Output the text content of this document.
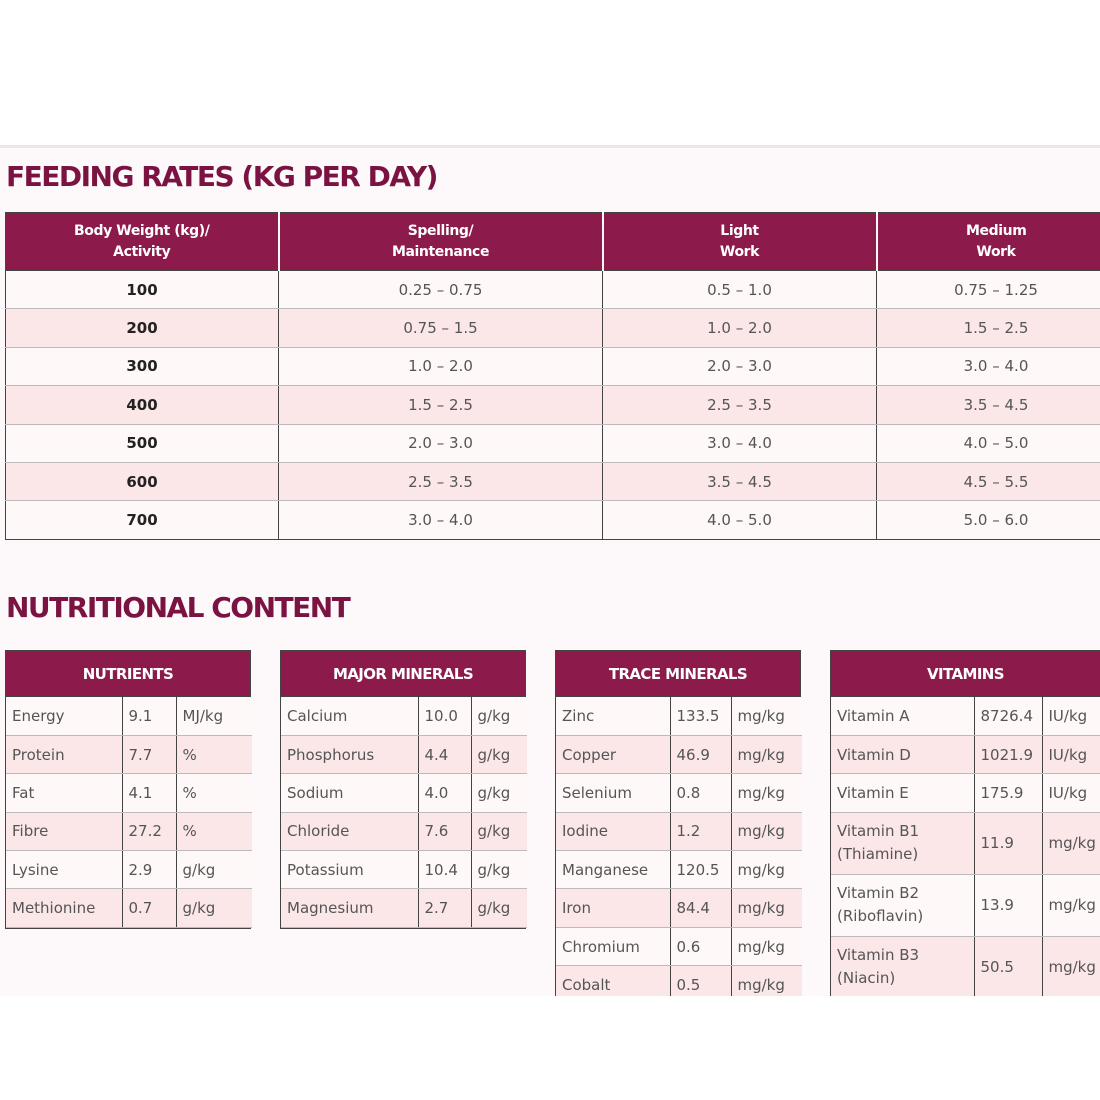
FEEDING RATES (KG PER DAY)
Body Weight (kg)/ Activity	Spelling/ Maintenance	Light Work	Medium Work

100	0.25 – 0.75	0.5 – 1.0	0.75 – 1.25
200	0.75 – 1.5	1.0 – 2.0	1.5 – 2.5
300	1.0 – 2.0	2.0 – 3.0	3.0 – 4.0
400	1.5 – 2.5	2.5 – 3.5	3.5 – 4.5
500	2.0 – 3.0	3.0 – 4.0	4.0 – 5.0
600	2.5 – 3.5	3.5 – 4.5	4.5 – 5.5
700	3.0 – 4.0	4.0 – 5.0	5.0 – 6.0
NUTRITIONAL CONTENT
NUTRIENTS
Energy	9.1	MJ/kg
Protein	7.7	%
Fat	4.1	%
Fibre	27.2	%
Lysine	2.9	g/kg
Methionine	0.7	g/kg
MAJOR MINERALS
Calcium	10.0	g/kg
Phosphorus	4.4	g/kg
Sodium	4.0	g/kg
Chloride	7.6	g/kg
Potassium	10.4	g/kg
Magnesium	2.7	g/kg
TRACE MINERALS
Zinc	133.5	mg/kg
Copper	46.9	mg/kg
Selenium	0.8	mg/kg
Iodine	1.2	mg/kg
Manganese	120.5	mg/kg
Iron	84.4	mg/kg
Chromium	0.6	mg/kg
Cobalt	0.5	mg/kg
VITAMINS
Vitamin A	8726.4	IU/kg
Vitamin D	1021.9	IU/kg
Vitamin E	175.9	IU/kg
Vitamin B1
(Thiamine)	11.9	mg/kg
Vitamin B2
(Riboflavin)	13.9	mg/kg
Vitamin B3
(Niacin)	50.5	mg/kg
